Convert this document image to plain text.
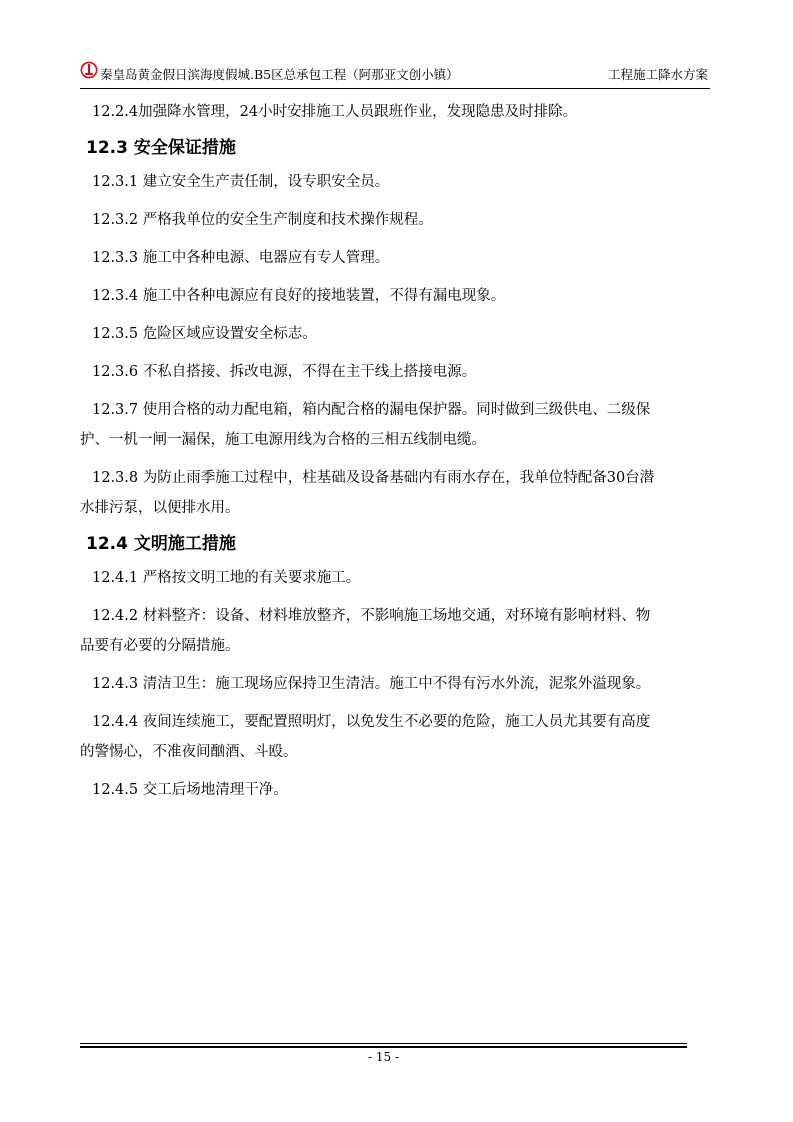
秦皇岛黄金假日滨海度假城.B5区总承包工程（阿那亚文创小镇）	工程施工降水方案

12.2.4加强降水管理，24小时安排施工人员跟班作业，发现隐患及时排除。

12.3 安全保证措施

12.3.1 建立安全生产责任制，设专职安全员。

12.3.2 严格我单位的安全生产制度和技术操作规程。

12.3.3 施工中各种电源、电器应有专人管理。

12.3.4 施工中各种电源应有良好的接地装置，不得有漏电现象。

12.3.5 危险区域应设置安全标志。

12.3.6 不私自搭接、拆改电源，不得在主干线上搭接电源。

12.3.7 使用合格的动力配电箱，箱内配合格的漏电保护器。同时做到三级供电、二级保

护、一机一闸一漏保，施工电源用线为合格的三相五线制电缆。

12.3.8 为防止雨季施工过程中，柱基础及设备基础内有雨水存在，我单位特配备30台潜

水排污泵，以便排水用。

12.4 文明施工措施

12.4.1 严格按文明工地的有关要求施工。

12.4.2 材料整齐：设备、材料堆放整齐，不影响施工场地交通，对环境有影响材料、物

品要有必要的分隔措施。

12.4.3 清洁卫生：施工现场应保持卫生清洁。施工中不得有污水外流，泥浆外溢现象。

12.4.4 夜间连续施工，要配置照明灯，以免发生不必要的危险，施工人员尤其要有高度

的警惕心，不准夜间酗酒、斗殴。

12.4.5 交工后场地清理干净。

- 15 -
